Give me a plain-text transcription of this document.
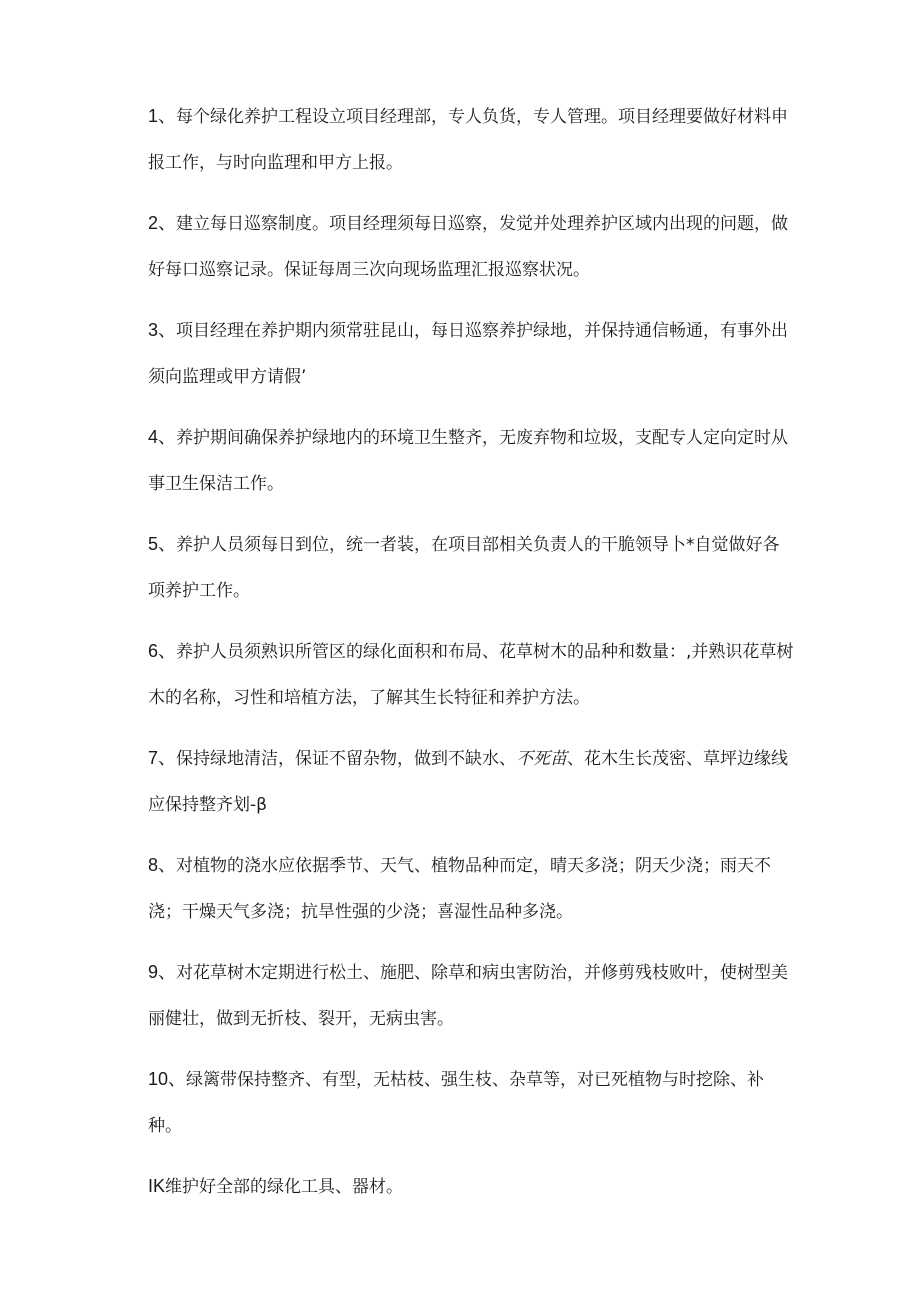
1、每个绿化养护工程设立项目经理部，专人负货，专人管理。项目经理要做好材料申报工作，与时向监理和甲方上报。

2、建立每日巡察制度。项目经理须每日巡察，发觉并处理养护区域内出现的问题，做好每口巡察记录。保证每周三次向现场监理汇报巡察状况。

3、项目经理在养护期内须常驻昆山，每日巡察养护绿地，并保持通信畅通，有事外出须向监理或甲方请假’

4、养护期间确保养护绿地内的环境卫生整齐，无废弃物和垃圾，支配专人定向定时从事卫生保洁工作。

5、养护人员须每日到位，统一者装，在项目部相关负责人的干脆领导卜*自觉做好各项养护工作。

6、养护人员须熟识所管区的绿化面积和布局、花草树木的品种和数量：,并熟识花草树木的名称，习性和培植方法，了解其生长特征和养护方法。

7、保持绿地清洁，保证不留杂物，做到不缺水、不死苗、花木生长茂密、草坪边缘线应保持整齐划-β

8、对植物的浇水应依据季节、天气、植物品种而定，晴天多浇；阴天少浇；雨天不浇；干燥天气多浇；抗旱性强的少浇；喜湿性品种多浇。

9、对花草树木定期进行松土、施肥、除草和病虫害防治，并修剪残枝败叶，使树型美丽健壮，做到无折枝、裂开，无病虫害。

10、绿篱带保持整齐、有型，无枯枝、强生枝、杂草等，对已死植物与时挖除、补种。

IK维护好全部的绿化工具、器材。
